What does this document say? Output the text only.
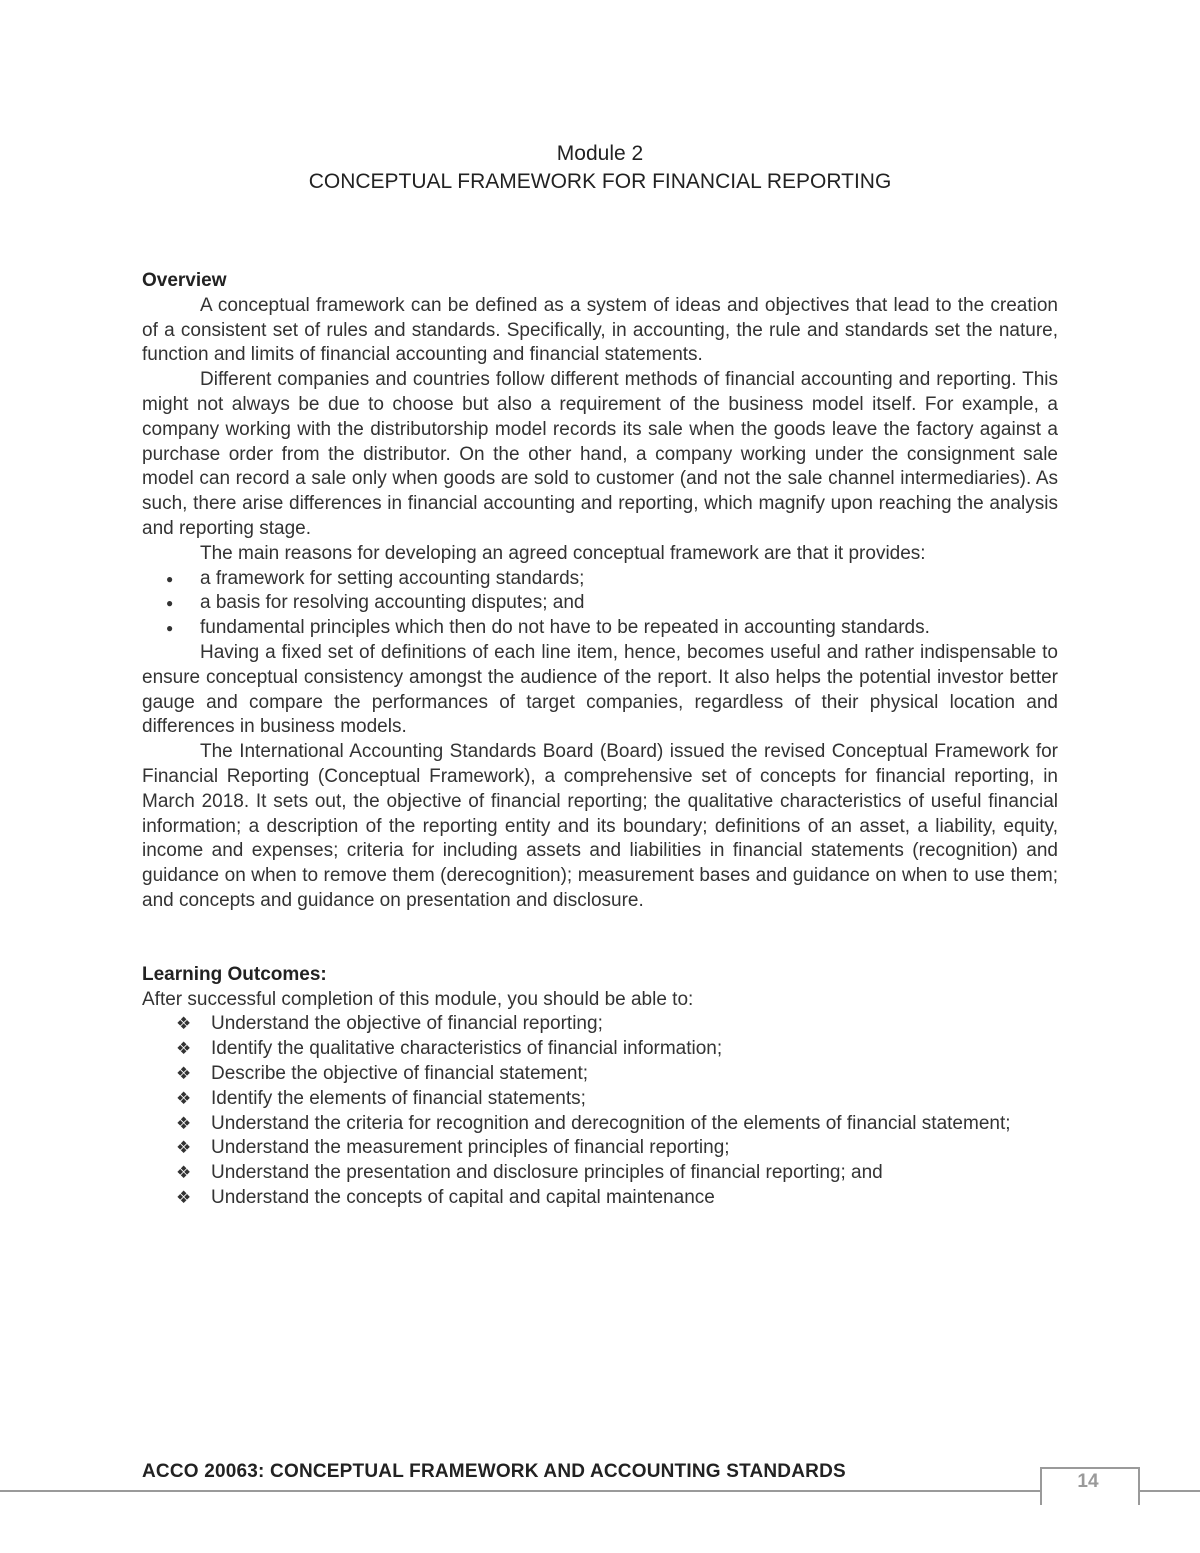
Module 2
CONCEPTUAL FRAMEWORK FOR FINANCIAL REPORTING

Overview

A conceptual framework can be defined as a system of ideas and objectives that lead to the creation of a consistent set of rules and standards. Specifically, in accounting, the rule and standards set the nature, function and limits of financial accounting and financial statements.

Different companies and countries follow different methods of financial accounting and reporting. This might not always be due to choose but also a requirement of the business model itself. For example, a company working with the distributorship model records its sale when the goods leave the factory against a purchase order from the distributor. On the other hand, a company working under the consignment sale model can record a sale only when goods are sold to customer (and not the sale channel intermediaries). As such, there arise differences in financial accounting and reporting, which magnify upon reaching the analysis and reporting stage.

The main reasons for developing an agreed conceptual framework are that it provides:

● a framework for setting accounting standards;
● a basis for resolving accounting disputes; and
● fundamental principles which then do not have to be repeated in accounting standards.

Having a fixed set of definitions of each line item, hence, becomes useful and rather indispensable to ensure conceptual consistency amongst the audience of the report. It also helps the potential investor better gauge and compare the performances of target companies, regardless of their physical location and differences in business models.

The International Accounting Standards Board (Board) issued the revised Conceptual Framework for Financial Reporting (Conceptual Framework), a comprehensive set of concepts for financial reporting, in March 2018. It sets out, the objective of financial reporting; the qualitative characteristics of useful financial information; a description of the reporting entity and its boundary; definitions of an asset, a liability, equity, income and expenses; criteria for including assets and liabilities in financial statements (recognition) and guidance on when to remove them (derecognition); measurement bases and guidance on when to use them; and concepts and guidance on presentation and disclosure.

Learning Outcomes:

After successful completion of this module, you should be able to:

❖ Understand the objective of financial reporting;
❖ Identify the qualitative characteristics of financial information;
❖ Describe the objective of financial statement;
❖ Identify the elements of financial statements;
❖ Understand the criteria for recognition and derecognition of the elements of financial statement;
❖ Understand the measurement principles of financial reporting;
❖ Understand the presentation and disclosure principles of financial reporting; and
❖ Understand the concepts of capital and capital maintenance
ACCO 20063: CONCEPTUAL FRAMEWORK AND ACCOUNTING STANDARDS	14
